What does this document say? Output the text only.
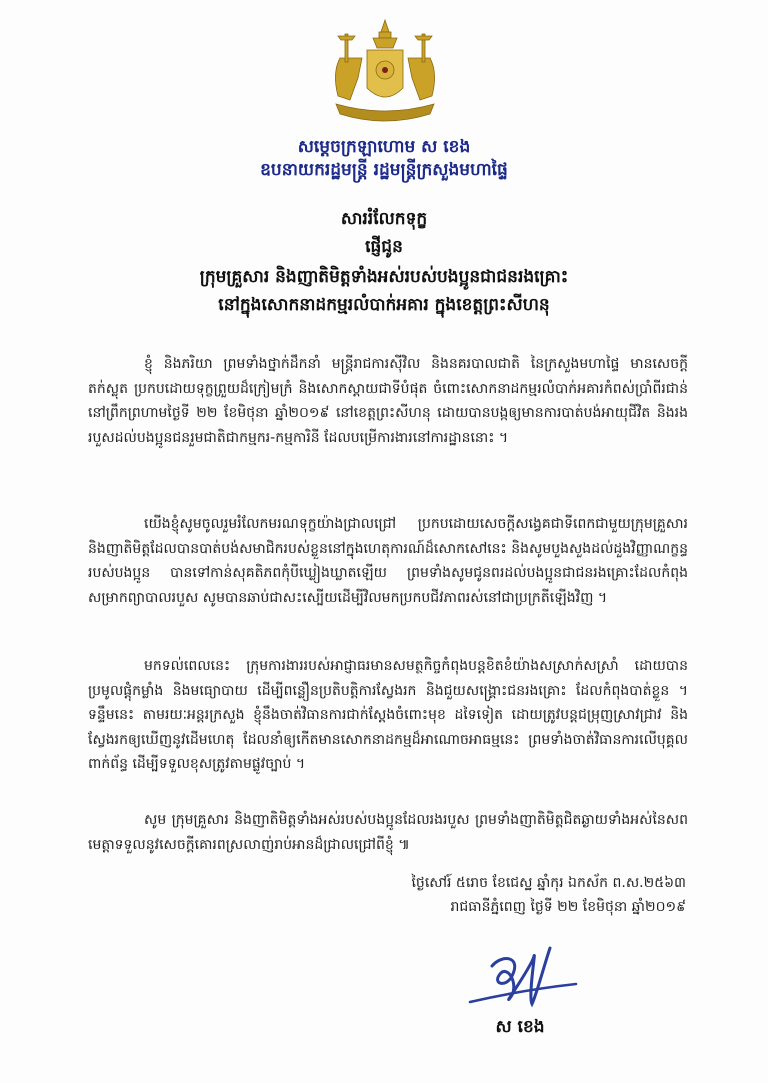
សម្តេចក្រឡាហោម ស ខេង
ឧបនាយករដ្ឋមន្ត្រី រដ្ឋមន្ត្រីក្រសួងមហាផ្ទៃ
សាររំលែកទុក្ខ
ផ្ញើជូន
ក្រុមគ្រួសារ និងញាតិមិត្តទាំងអស់របស់បងប្អូនជាជនរងគ្រោះ
នៅក្នុងសោកនាដកម្មរលំបាក់អគារ ក្នុងខេត្តព្រះសីហនុ
ខ្ញុំ និងភរិយា ព្រមទាំងថ្នាក់ដឹកនាំ មន្ត្រីរាជការស៊ីវិល និងនគរបាលជាតិ នៃក្រសួងមហាផ្ទៃ មានសេចក្តីតក់ស្លុត ប្រកបដោយទុក្ខព្រួយដ៏ក្រៀមក្រំ និងសោកស្តាយជាទីបំផុត ចំពោះសោកនាដកម្មរលំបាក់អគារកំពស់ប្រាំពីរជាន់ នៅព្រឹកព្រហាមថ្ងៃទី ២២ ខែមិថុនា ឆ្នាំ២០១៩ នៅខេត្តព្រះសីហនុ ដោយបានបង្កឲ្យមានការបាត់បង់អាយុជីវិត និងរងរបួសដល់បងប្អូនជនរួមជាតិជាកម្មករ-កម្មការិនី ដែលបម្រើការងារនៅការដ្ឋាននោះ ។
យើងខ្ញុំសូមចូលរួមរំលែកមរណទុក្ខយ៉ាងជ្រាលជ្រៅ ប្រកបដោយសេចក្តីសង្វេគជាទីពេកជាមួយក្រុមគ្រួសារ និងញាតិមិត្តដែលបានបាត់បង់សមាជិករបស់ខ្លួននៅក្នុងហេតុការណ៍ដ៏សោកសៅនេះ និងសូមបួងសួងដល់ដួងវិញ្ញាណក្ខន្ធរបស់បងប្អូន បានទៅកាន់សុគតិភពកុំបីឃ្លៀងឃ្លាតឡើយ ព្រមទាំងសូមជូនពរដល់បងប្អូនជាជនរងគ្រោះដែលកំពុងសម្រាកព្យាបាលរបួស សូមបានឆាប់ជាសះស្បើយដើម្បីវិលមកប្រកបជីវភាពរស់នៅជាប្រក្រតីឡើងវិញ ។
មកទល់ពេលនេះ ក្រុមការងាររបស់អាជ្ញាធរមានសមត្ថកិច្ចកំពុងបន្តខិតខំយ៉ាងសស្រាក់សស្រាំ ដោយបានប្រមូលផ្តុំកម្លាំង និងមធ្យោបាយ ដើម្បីពន្លឿនប្រតិបត្តិការស្វែងរក និងជួយសង្គ្រោះជនរងគ្រោះ ដែលកំពុងបាត់ខ្លួន ។ ទន្ទឹមនេះ តាមរយៈអន្តរក្រសួង ខ្ញុំនឹងចាត់វិធានការជាក់ស្តែងចំពោះមុខ ដទៃទៀត ដោយត្រូវបន្តជម្រុញស្រាវជ្រាវ និងស្វែងរកឲ្យឃើញនូវដើមហេតុ ដែលនាំឲ្យកើតមានសោកនាដកម្មដ៏អាណោចអាធម្មនេះ ព្រមទាំងចាត់វិធានការលើបុគ្គលពាក់ព័ន្ធ ដើម្បីទទួលខុសត្រូវតាមផ្លូវច្បាប់ ។
សូម ក្រុមគ្រួសារ និងញាតិមិត្តទាំងអស់របស់បងប្អូនដែលរងរបួស ព្រមទាំងញាតិមិត្តជិតឆ្ងាយទាំងអស់នៃសព មេត្តាទទួលនូវសេចក្តីគោរពស្រលាញ់រាប់អានដ៏ជ្រាលជ្រៅពីខ្ញុំ ៕
ថ្ងៃសៅរ៍ ៥រោច ខែជេស្ឋ ឆ្នាំកុរ ឯកស័ក ព.ស.២៥៦៣
រាជធានីភ្នំពេញ ថ្ងៃទី ២២ ខែមិថុនា ឆ្នាំ២០១៩
ស ខេង
